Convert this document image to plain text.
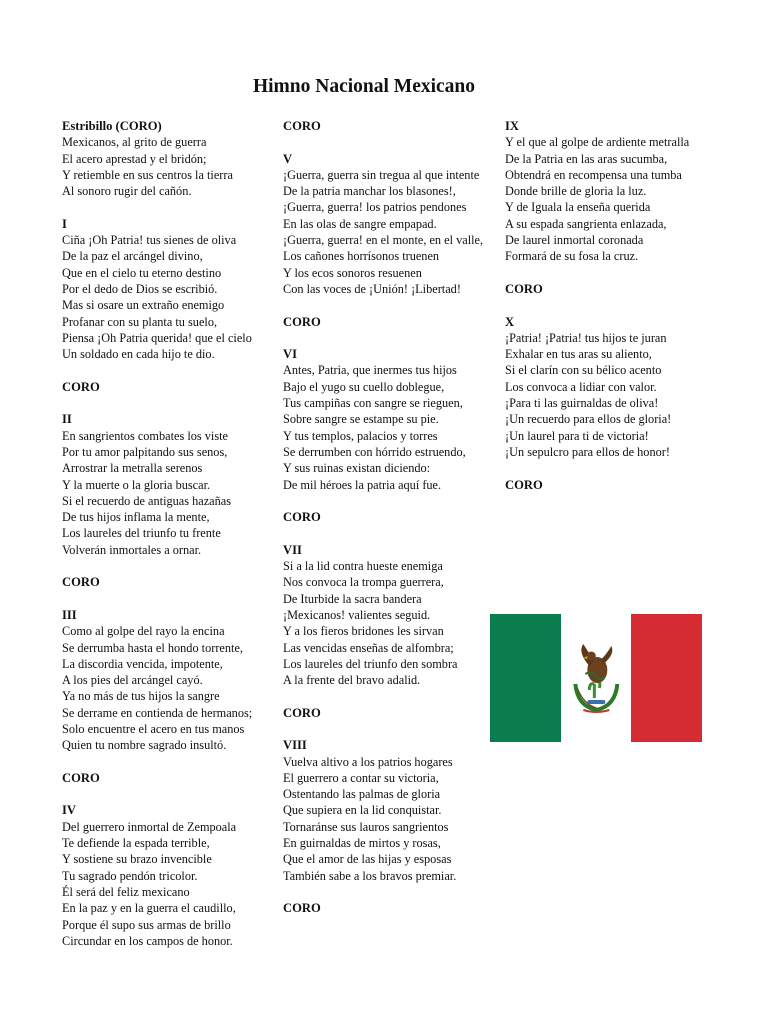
Himno Nacional Mexicano
Estribillo (CORO)
Mexicanos, al grito de guerra
El acero aprestad y el bridón;
Y retiemble en sus centros la tierra
Al sonoro rugir del cañón.
I
Ciña ¡Oh Patria! tus sienes de oliva
De la paz el arcángel divino,
Que en el cielo tu eterno destino
Por el dedo de Dios se escribió.
Mas si osare un extraño enemigo
Profanar con su planta tu suelo,
Piensa ¡Oh Patria querida! que el cielo
Un soldado en cada hijo te dio.
CORO
II
En sangrientos combates los viste
Por tu amor palpitando sus senos,
Arrostrar la metralla serenos
Y la muerte o la gloria buscar.
Si el recuerdo de antiguas hazañas
De tus hijos inflama la mente,
Los laureles del triunfo tu frente
Volverán inmortales a ornar.
CORO
III
Como al golpe del rayo la encina
Se derrumba hasta el hondo torrente,
La discordia vencida, impotente,
A los pies del arcángel cayó.
Ya no más de tus hijos la sangre
Se derrame en contienda de hermanos;
Solo encuentre el acero en tus manos
Quien tu nombre sagrado insultó.
CORO
IV
Del guerrero inmortal de Zempoala
Te defiende la espada terrible,
Y sostiene su brazo invencible
Tu sagrado pendón tricolor.
Él será del feliz mexicano
En la paz y en la guerra el caudillo,
Porque él supo sus armas de brillo
Circundar en los campos de honor.
CORO
V
¡Guerra, guerra sin tregua al que intente
De la patria manchar los blasones!,
¡Guerra, guerra! los patrios pendones
En las olas de sangre empapad.
¡Guerra, guerra! en el monte, en el valle,
Los cañones horrísonos truenen
Y los ecos sonoros resuenen
Con las voces de ¡Unión! ¡Libertad!
CORO
VI
Antes, Patria, que inermes tus hijos
Bajo el yugo su cuello doblegue,
Tus campiñas con sangre se rieguen,
Sobre sangre se estampe su pie.
Y tus templos, palacios y torres
Se derrumben con hórrido estruendo,
Y sus ruinas existan diciendo:
De mil héroes la patria aquí fue.
CORO
VII
Si a la lid contra hueste enemiga
Nos convoca la trompa guerrera,
De Iturbide la sacra bandera
¡Mexicanos! valientes seguid.
Y a los fieros bridones les sirvan
Las vencidas enseñas de alfombra;
Los laureles del triunfo den sombra
A la frente del bravo adalid.
CORO
VIII
Vuelva altivo a los patrios hogares
El guerrero a contar su victoria,
Ostentando las palmas de gloria
Que supiera en la lid conquistar.
Tornaránse sus lauros sangrientos
En guirnaldas de mirtos y rosas,
Que el amor de las hijas y esposas
También sabe a los bravos premiar.
CORO
IX
Y el que al golpe de ardiente metralla
De la Patria en las aras sucumba,
Obtendrá en recompensa una tumba
Donde brille de gloria la luz.
Y de Iguala la enseña querida
A su espada sangrienta enlazada,
De laurel inmortal coronada
Formará de su fosa la cruz.
CORO
X
¡Patria! ¡Patria! tus hijos te juran
Exhalar en tus aras su aliento,
Si el clarín con su bélico acento
Los convoca a lidiar con valor.
¡Para ti las guirnaldas de oliva!
¡Un recuerdo para ellos de gloria!
¡Un laurel para ti de victoria!
¡Un sepulcro para ellos de honor!
CORO
